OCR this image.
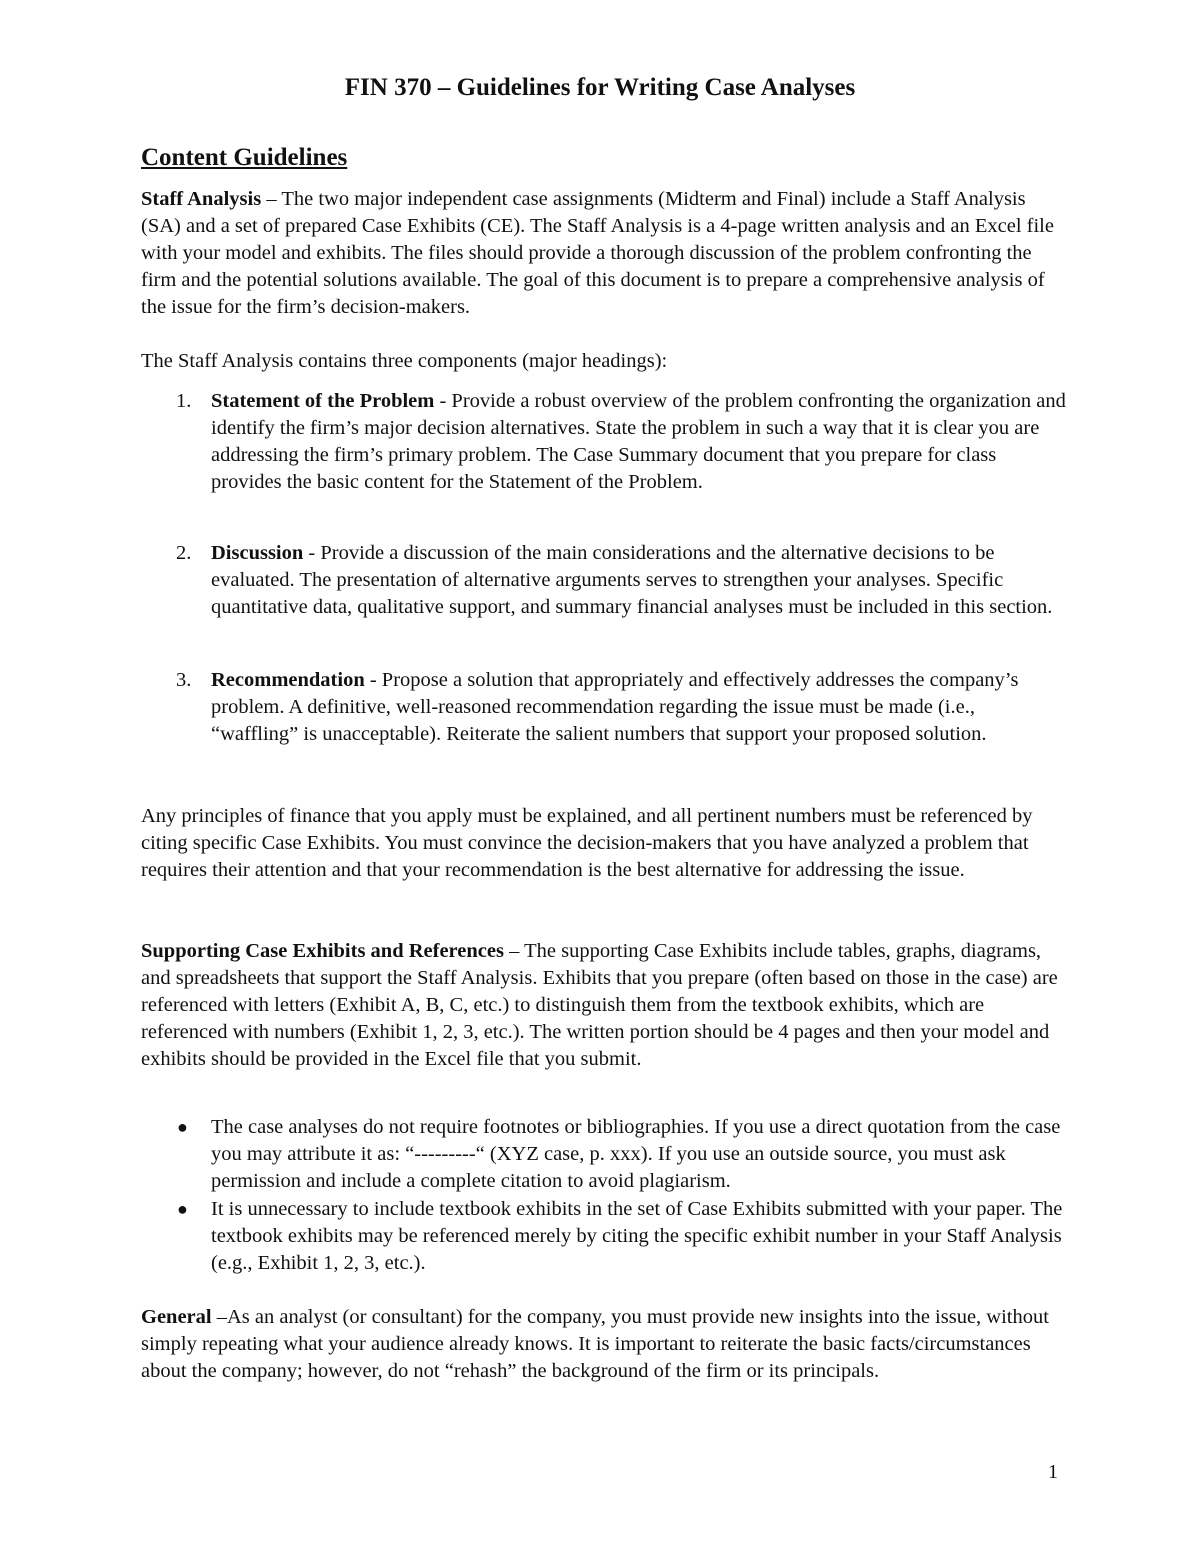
FIN 370 – Guidelines for Writing Case Analyses
Content Guidelines

Staff Analysis – The two major independent case assignments (Midterm and Final) include a Staff Analysis (SA) and a set of prepared Case Exhibits (CE). The Staff Analysis is a 4-page written analysis and an Excel file with your model and exhibits. The files should provide a thorough discussion of the problem confronting the firm and the potential solutions available. The goal of this document is to prepare a comprehensive analysis of the issue for the firm’s decision-makers.

The Staff Analysis contains three components (major headings):

1. Statement of the Problem - Provide a robust overview of the problem confronting the organization and identify the firm’s major decision alternatives. State the problem in such a way that it is clear you are addressing the firm’s primary problem. The Case Summary document that you prepare for class provides the basic content for the Statement of the Problem.
2. Discussion - Provide a discussion of the main considerations and the alternative decisions to be evaluated. The presentation of alternative arguments serves to strengthen your analyses. Specific quantitative data, qualitative support, and summary financial analyses must be included in this section.
3. Recommendation - Propose a solution that appropriately and effectively addresses the company’s problem. A definitive, well-reasoned recommendation regarding the issue must be made (i.e., “waffling” is unacceptable). Reiterate the salient numbers that support your proposed solution.

Any principles of finance that you apply must be explained, and all pertinent numbers must be referenced by citing specific Case Exhibits. You must convince the decision-makers that you have analyzed a problem that requires their attention and that your recommendation is the best alternative for addressing the issue.

Supporting Case Exhibits and References – The supporting Case Exhibits include tables, graphs, diagrams, and spreadsheets that support the Staff Analysis. Exhibits that you prepare (often based on those in the case) are referenced with letters (Exhibit A, B, C, etc.) to distinguish them from the textbook exhibits, which are referenced with numbers (Exhibit 1, 2, 3, etc.). The written portion should be 4 pages and then your model and exhibits should be provided in the Excel file that you submit.

● The case analyses do not require footnotes or bibliographies. If you use a direct quotation from the case you may attribute it as: “---------“ (XYZ case, p. xxx). If you use an outside source, you must ask permission and include a complete citation to avoid plagiarism.
● It is unnecessary to include textbook exhibits in the set of Case Exhibits submitted with your paper. The textbook exhibits may be referenced merely by citing the specific exhibit number in your Staff Analysis (e.g., Exhibit 1, 2, 3, etc.).

General –As an analyst (or consultant) for the company, you must provide new insights into the issue, without simply repeating what your audience already knows. It is important to reiterate the basic facts/circumstances about the company; however, do not “rehash” the background of the firm or its principals.

1
